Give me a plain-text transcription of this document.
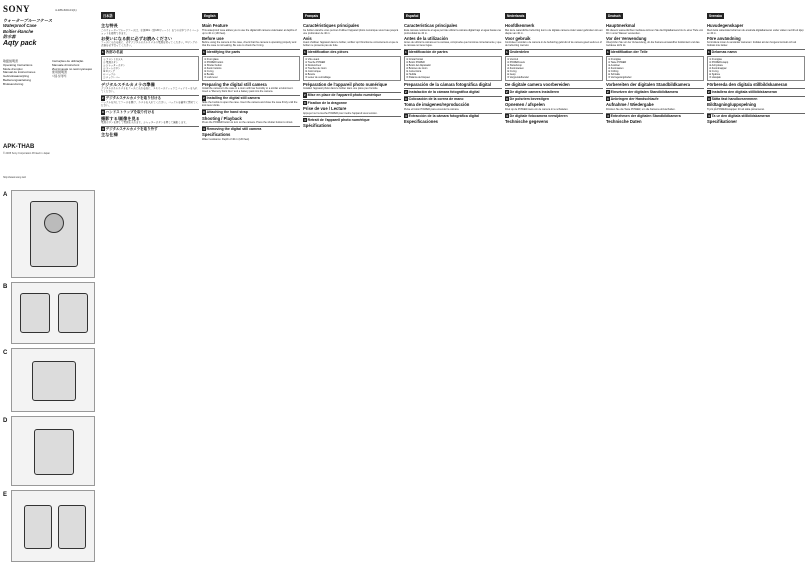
SONY	4-186-600-01(1)
ウォータープルーフケース
Waterproof Case
Boîtier étanche
防水套
Aqty pack
取扱説明書
Operating Instructions
Mode d'emploi
Manual de instrucciones
Gebruiksaanwijzing
Bedienungsanleitung
Bruksanvisning
Instruções de utilização
Manuale di istruzioni
Инструкция по эксплуатации
使用說明書
사용설명서
APK-THAB
© 2005 Sony Corporation Printed in Japan
http://www.sony.net/
A
B
C
D
E
日本語
主な特長
このウォータープルーフケースは、水深40m（約130フィート）までの水中でサイバーショットを使用できます。
お使いになる前に必ずお読みください
ケースに入れる前に、必ずデジタルスチルカメラの電源を切ってください。Oリングの点検を必ず行ってください。
1 各部の名前
① フロントガラス
② 電源ボタン
③ シャッターボタン
④ ズームボタン
⑤ Oリング
⑥ バックル
⑦ ロックレバー
デジタルスチルカメラの準備
デジタルスチルカメラをケースに入れる前に、メモリースティックとバッテリーを入れてください。
2 デジタルスチルカメラを取り付ける
バックルを外してケースを開け、カメラを入れてください。バックルを確実に閉めてください。
3 ハンドストラップを取り付ける
撮影する/画像を見る
電源ボタンを押して電源を入れます。シャッターボタンを押して撮影します。
4 デジタルスチルカメラを取り外す
主な仕様
English
Main Feature
This waterproof case allows you to use the digital still camera underwater at depths of up to 40 m (130 feet).
Before use
Before using the camera in the case, check that the camera is operating properly and that the case is not leaking. Be sure to check the O-ring.
1 Identifying the parts
① Front glass
② POWER button
③ Shutter button
④ Zoom buttons
⑤ O-ring
⑥ Buckle
⑦ Lock lever
Preparing the digital still camera
Install the camera in the case in a room with low humidity or a similar environment. Insert a "Memory Stick Duo" and a battery pack into the camera.
2 Installing the digital still camera
Slide the buckle to open the case. Insert the camera and close the case firmly until the lock lever clicks.
3 Attaching the hand strap
Shooting / Playback
Press the POWER button to turn on the camera. Press the shutter button to shoot.
4 Removing the digital still camera
Specifications
Water resistance: Depth of 40 m (130 feet)
Français
Caractéristiques principales
Ce boîtier étanche vous permet d'utiliser l'appareil photo numérique sous l'eau jusqu'à une profondeur de 40 m.
Avis
Avant d'utiliser l'appareil dans le boîtier, vérifiez qu'il fonctionne correctement et que le boîtier ne présente pas de fuite.
1 Identification des pièces
① Vitre avant
② Touche POWER
③ Déclencheur
④ Touches de zoom
⑤ Joint torique
⑥ Boucle
⑦ Levier de verrouillage
Préparation de l'appareil photo numérique
Installez l'appareil photo dans le boîtier dans une pièce peu humide.
2 Mise en place de l'appareil photo numérique
3 Fixation de la dragonne
Prise de vue / Lecture
Appuyez sur la touche POWER pour mettre l'appareil sous tension.
4 Retrait de l'appareil photo numérique
Spécifications
Español
Características principales
Esta carcasa resistente al agua permite utilizar la cámara digital bajo el agua hasta una profundidad de 40 m.
Antes de la utilización
Antes de utilizar la cámara en la carcasa, compruebe que funciona correctamente y que la carcasa no tiene fugas.
1 Identificación de partes
① Cristal frontal
② Botón POWER
③ Botón del disparador
④ Botones de zoom
⑤ Junta tórica
⑥ Hebilla
⑦ Palanca de bloqueo
Preparación de la cámara fotográfica digital
2 Instalación de la cámara fotográfica digital
3 Colocación de la correa de mano
Toma de imágenes/reproducción
Pulse el botón POWER para encender la cámara.
4 Extracción de la cámara fotográfica digital
Especificaciones
Nederlands
Hoofdkenmerk
Met deze waterdichte behuizing kunt u de digitale camera onder water gebruiken tot een diepte van 40 m.
Voor gebruik
Controleer voordat u de camera in de behuizing gebruikt of de camera goed werkt en of de behuizing niet lekt.
1 Onderdelen
① Voorruit
② POWER-toets
③ Sluiterknop
④ Zoomtoetsen
⑤ O-ring
⑥ Gesp
⑦ Vergrendelhendel
De digitale camera voorbereiden
2 De digitale camera installeren
3 De polsriem bevestigen
Opnemen / afspelen
Druk op de POWER-toets om de camera in te schakelen.
4 De digitale fotocamera verwijderen
Technische gegevens
Deutsch
Hauptmerkmal
Mit diesem wasserdichten Gehäuse können Sie die Digitalkamera bis zu einer Tiefe von 40 m unter Wasser verwenden.
Vor der Verwendung
Überprüfen Sie vor der Verwendung, ob die Kamera einwandfrei funktioniert und das Gehäuse dicht ist.
1 Identifikation der Teile
① Frontglas
② Taste POWER
③ Auslöser
④ Zoomtasten
⑤ O-Ring
⑥ Schnalle
⑦ Verriegelungshebel
Vorbereiten der digitalen Standbildkamera
2 Einsetzen der digitalen Standbildkamera
3 Anbringen der Handschlaufe
Aufnahme / Wiedergabe
Drücken Sie die Taste POWER, um die Kamera einzuschalten.
4 Entnehmen der digitalen Standbildkamera
Technische Daten
Svenska
Huvudegenskaper
Med detta vattentäta fodral kan du använda digitalkameran under vatten ned till ett djup av 40 m.
Före användning
Kontrollera innan du använder kameran i fodralet att den fungerar korrekt och att fodralet inte läcker.
1 Delarnas namn
① Frontglas
② POWER-knapp
③ Avtryckare
④ Zoomknappar
⑤ O-ring
⑥ Spänne
⑦ Låsspak
Förbereda den digitala stillbildskameran
2 Installera den digitala stillbildskameran
3 Sätta fast handlovsremmen
Bildtagning/uppspelning
Tryck på POWER-knappen för att sätta på kameran.
4 Ta ur den digitala stillbildskameran
Specifikationer
